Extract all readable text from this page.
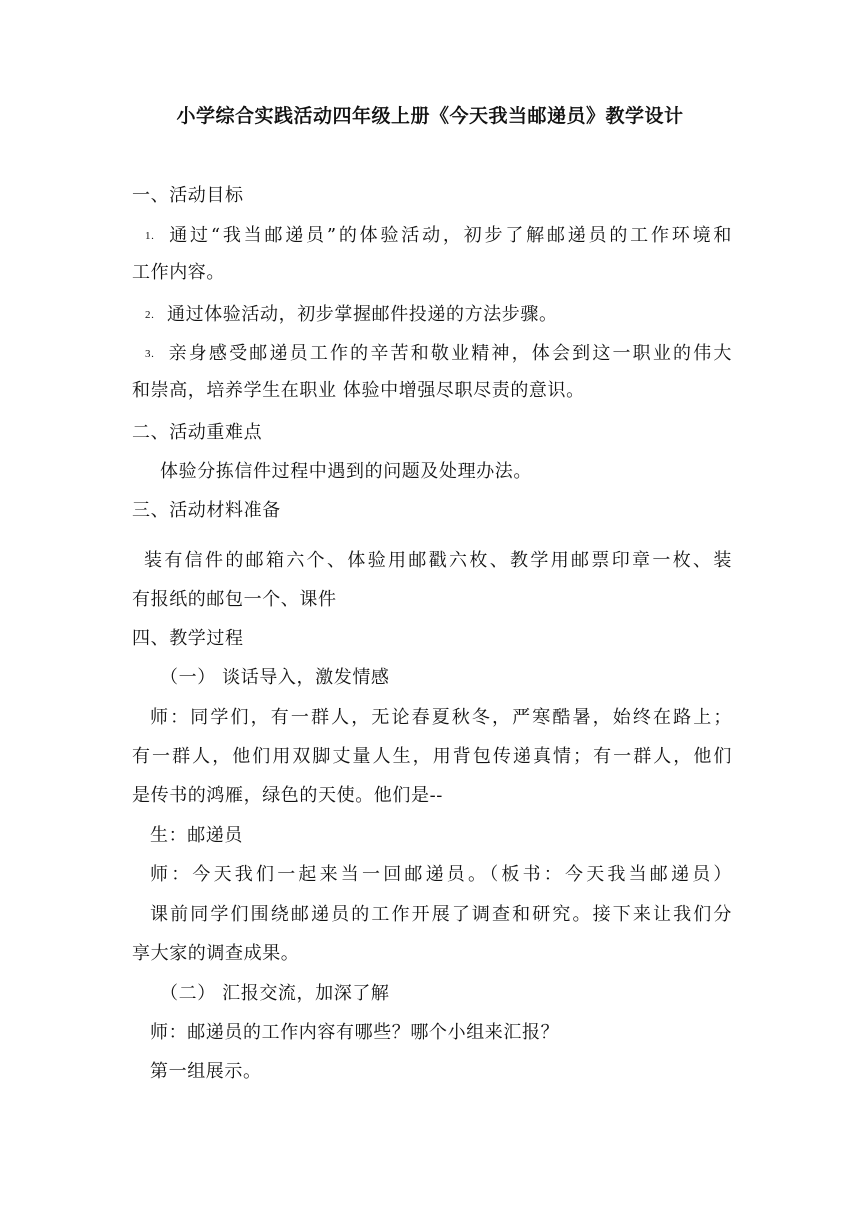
小学综合实践活动四年级上册《今天我当邮递员》教学设计
一、活动目标
1. 通过“我当邮递员”的体验活动，初步了解邮递员的工作环境和
工作内容。
2. 通过体验活动，初步掌握邮件投递的方法步骤。
3. 亲身感受邮递员工作的辛苦和敬业精神，体会到这一职业的伟大
和崇高，培养学生在职业 体验中增强尽职尽责的意识。
二、活动重难点
体验分拣信件过程中遇到的问题及处理办法。
三、活动材料准备
装有信件的邮箱六个、体验用邮戳六枚、教学用邮票印章一枚、装
有报纸的邮包一个、课件
四、教学过程
（一） 谈话导入，激发情感
师：同学们，有一群人，无论春夏秋冬，严寒酷暑，始终在路上；
有一群人，他们用双脚丈量人生，用背包传递真情；有一群人，他们
是传书的鸿雁，绿色的天使。他们是--
生：邮递员
师：今天我们一起来当一回邮递员。（板书：今天我当邮递员）
课前同学们围绕邮递员的工作开展了调查和研究。接下来让我们分
享大家的调查成果。
（二） 汇报交流，加深了解
师：邮递员的工作内容有哪些？哪个小组来汇报？
第一组展示。
